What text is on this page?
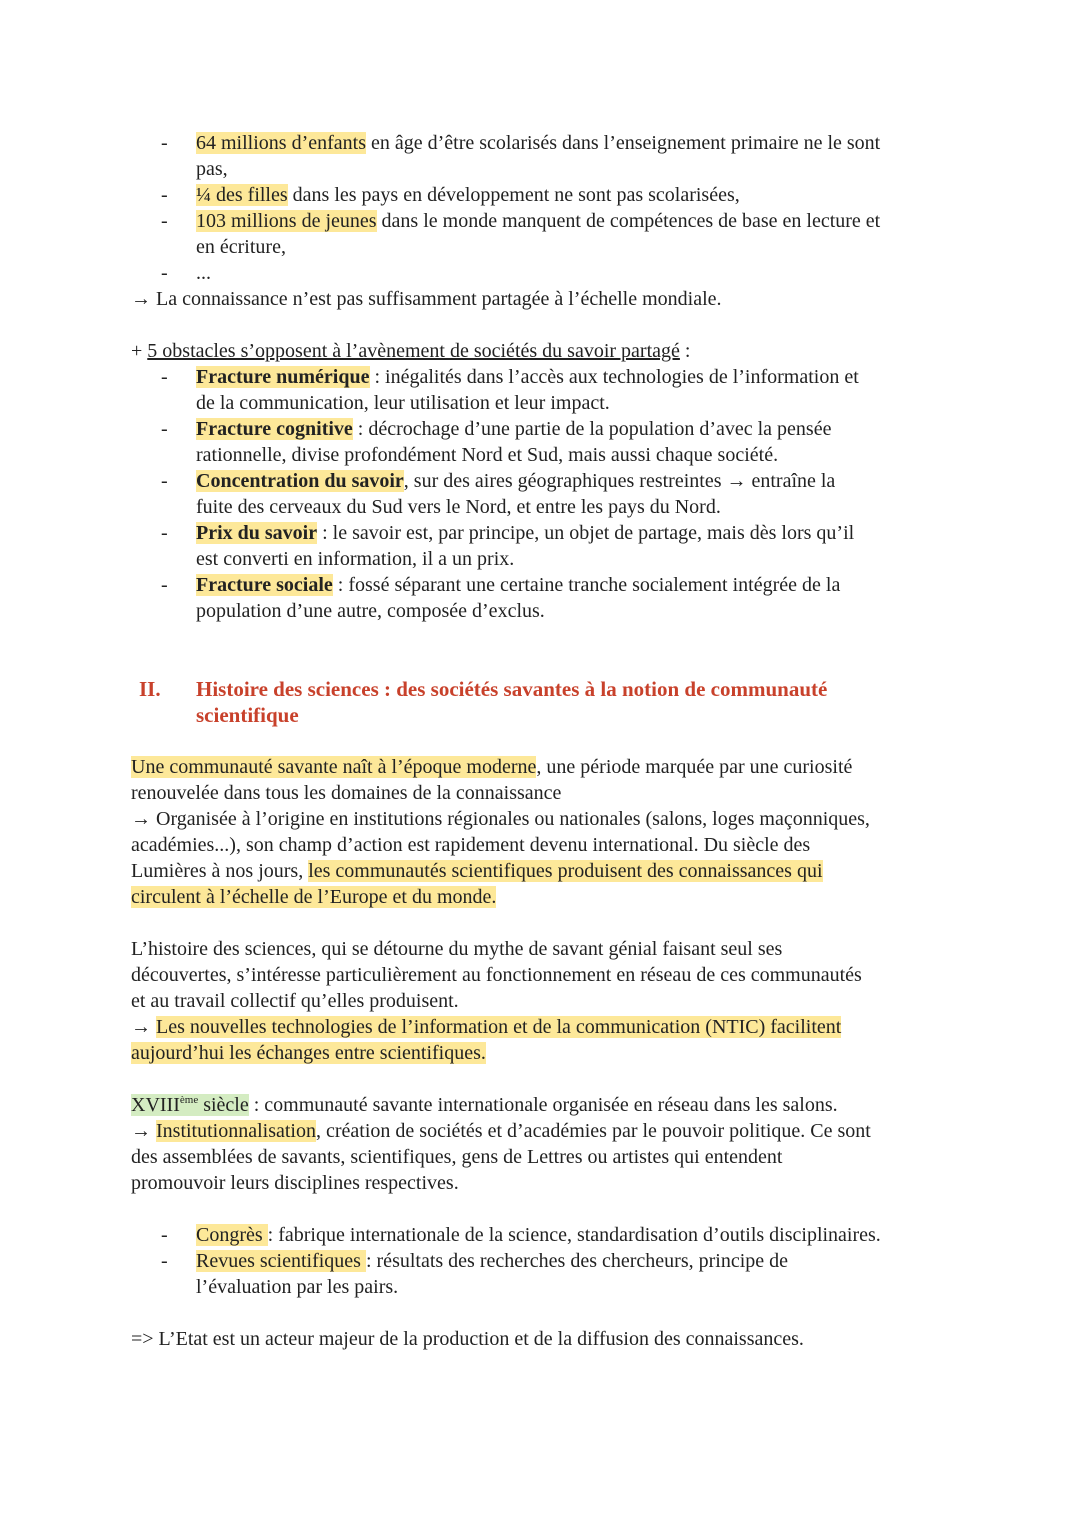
-
64 millions d’enfants en âge d’être scolarisés dans l’enseignement primaire ne le sont
pas,
-
¼ des filles dans les pays en développement ne sont pas scolarisées,
-
103 millions de jeunes dans le monde manquent de compétences de base en lecture et
en écriture,
-
...
→ La connaissance n’est pas suffisamment partagée à l’échelle mondiale.
+ 5 obstacles s’opposent à l’avènement de sociétés du savoir partagé :
-
Fracture numérique : inégalités dans l’accès aux technologies de l’information et
de la communication, leur utilisation et leur impact.
-
Fracture cognitive : décrochage d’une partie de la population d’avec la pensée
rationnelle, divise profondément Nord et Sud, mais aussi chaque société.
-
Concentration du savoir, sur des aires géographiques restreintes → entraîne la
fuite des cerveaux du Sud vers le Nord, et entre les pays du Nord.
-
Prix du savoir : le savoir est, par principe, un objet de partage, mais dès lors qu’il
est converti en information, il a un prix.
-
Fracture sociale : fossé séparant une certaine tranche socialement intégrée de la
population d’une autre, composée d’exclus.
II. Histoire des sciences : des sociétés savantes à la notion de communauté
scientifique
Une communauté savante naît à l’époque moderne, une période marquée par une curiosité
renouvelée dans tous les domaines de la connaissance
→ Organisée à l’origine en institutions régionales ou nationales (salons, loges maçonniques,
académies...), son champ d’action est rapidement devenu international. Du siècle des
Lumières à nos jours, les communautés scientifiques produisent des connaissances qui
circulent à l’échelle de l’Europe et du monde.
L’histoire des sciences, qui se détourne du mythe de savant génial faisant seul ses
découvertes, s’intéresse particulièrement au fonctionnement en réseau de ces communautés
et au travail collectif qu’elles produisent.
→ Les nouvelles technologies de l’information et de la communication (NTIC) facilitent
aujourd’hui les échanges entre scientifiques.
XVIIIème siècle : communauté savante internationale organisée en réseau dans les salons.
→ Institutionnalisation, création de sociétés et d’académies par le pouvoir politique. Ce sont
des assemblées de savants, scientifiques, gens de Lettres ou artistes qui entendent
promouvoir leurs disciplines respectives.
-
Congrès : fabrique internationale de la science, standardisation d’outils disciplinaires.
-
Revues scientifiques : résultats des recherches des chercheurs, principe de
l’évaluation par les pairs.
=> L’Etat est un acteur majeur de la production et de la diffusion des connaissances.
